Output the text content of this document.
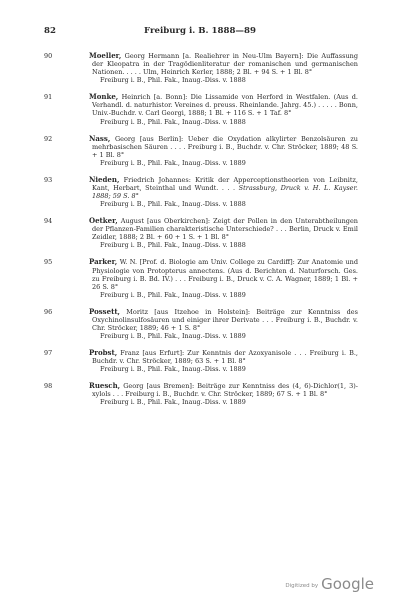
82	Freiburg i. B. 1888—89
90	Moeller, Georg Hermann [a. Realiehrer in Neu-Ulm Bayern]: Die Auffassung der Kleopatra in der Tragödienliteratur der romanischen und germanischen Nationen. . . . . Ulm, Heinrich Kerler, 1888; 2 Bl. + 94 S. + 1 Bl. 8°
Freiburg i. B., Phil. Fak., Inaug.-Diss. v. 1888
91	Monke, Heinrich [a. Bonn]: Die Lissamide von Herford in Westfalen. (Aus d. Verhandl. d. naturhistor. Vereines d. preuss. Rheinlande. Jahrg. 45.) . . . . . Bonn, Univ.-Buchdr. v. Carl Georgi, 1888; 1 Bl. + 116 S. + 1 Taf. 8°
Freiburg i. B., Phil. Fak., Inaug.-Diss. v. 1888
92	Nass, Georg [aus Berlin]: Ueber die Oxydation alkylirter Benzolsäuren zu mehrbasischen Säuren . . . . Freiburg i. B., Buchdr. v. Chr. Ströcker, 1889; 48 S. + 1 Bl. 8°
Freiburg i. B., Phil. Fak., Inaug.-Diss. v. 1889
93	Nieden, Friedrich Johannes: Kritik der Apperceptionstheorien von Leibnitz, Kant, Herbart, Steinthal und Wundt. . . . Strassburg, Druck v. H. L. Kayser. 1888; 59 S. 8°
Freiburg i. B., Phil. Fak., Inaug.-Diss. v. 1888
94	Oetker, August [aus Oberkirchen]: Zeigt der Pollen in den Unterabtheilungen der Pflanzen-Familien charakteristische Unterschiede? . . . Berlin, Druck v. Emil Zeidler, 1888; 2 Bl. + 60 + 1 S. + 1 Bl. 8°
Freiburg i. B., Phil. Fak., Inaug.-Diss. v. 1888
95	Parker, W. N. [Prof. d. Biologie am Univ. College zu Cardiff]: Zur Anatomie und Physiologie von Protopterus annectens. (Aus d. Berichten d. Naturforsch. Ges. zu Freiburg i. B. Bd. IV.) . . . Freiburg i. B., Druck v. C. A. Wagner, 1889; 1 Bl. + 26 S. 8°
Freiburg i. B., Phil. Fak., Inaug.-Diss. v. 1889
96	Possett, Moritz [aus Itzehoe in Holstein]: Beiträge zur Kenntniss des Oxychinolinsulfosäuren und einiger ihrer Derivate . . . Freiburg i. B., Buchdr. v. Chr. Ströcker, 1889; 46 + 1 S. 8°
Freiburg i. B., Phil. Fak., Inaug.-Diss. v. 1889
97	Probst, Franz [aus Erfurt]: Zur Kenntnis der Azoxyanisole . . . Freiburg i. B., Buchdr. v. Chr. Ströcker, 1889; 63 S. + 1 Bl. 8°
Freiburg i. B., Phil. Fak., Inaug.-Diss. v. 1889
98	Ruesch, Georg [aus Bremen]: Beiträge zur Kenntniss des (4, 6)-Dichlor(1, 3)-xylols . . . Freiburg i. B., Buchdr. v. Chr. Ströcker, 1889; 67 S. + 1 Bl. 8°
Freiburg i. B., Phil. Fak., Inaug.-Diss. v. 1889
Digitized by Google
